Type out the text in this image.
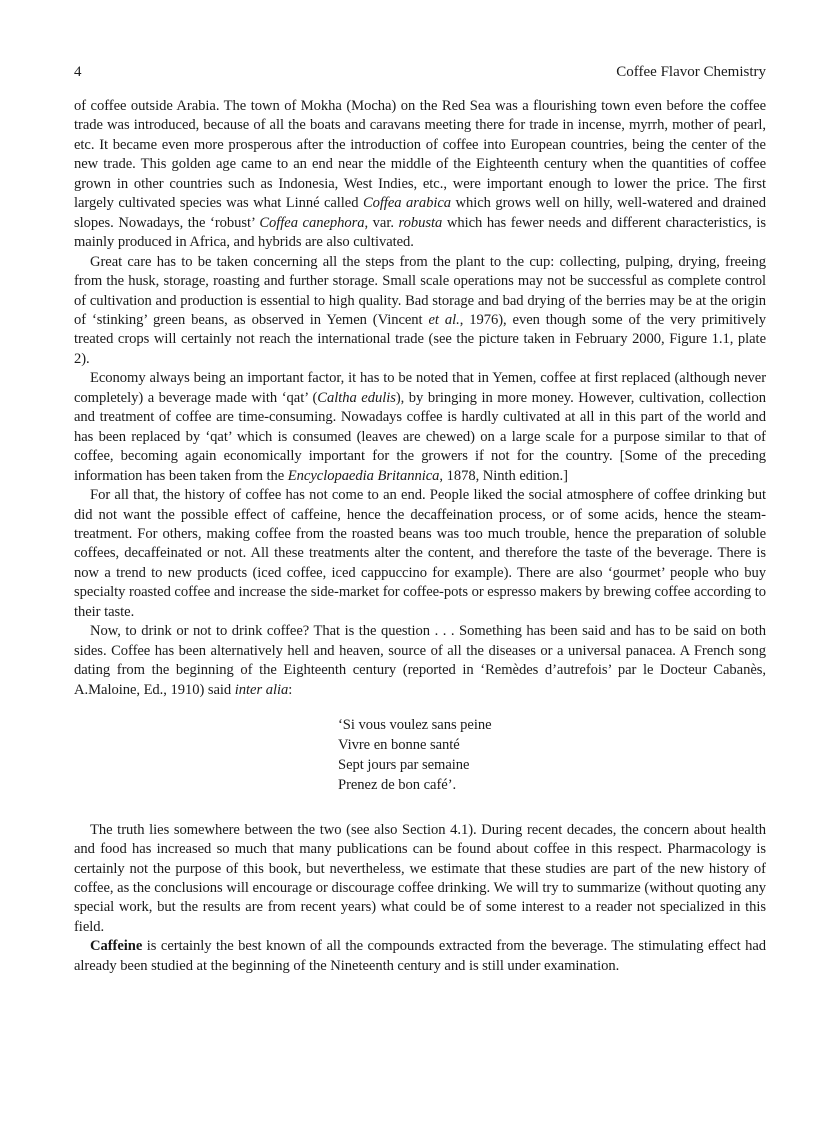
4	Coffee Flavor Chemistry

of coffee outside Arabia. The town of Mokha (Mocha) on the Red Sea was a flourishing town even before the coffee trade was introduced, because of all the boats and caravans meeting there for trade in incense, myrrh, mother of pearl, etc. It became even more prosperous after the introduction of coffee into European countries, being the center of the new trade. This golden age came to an end near the middle of the Eighteenth century when the quantities of coffee grown in other countries such as Indonesia, West Indies, etc., were important enough to lower the price. The first largely cultivated species was what Linné called Coffea arabica which grows well on hilly, well-watered and drained slopes. Nowadays, the ‘robust’ Coffea canephora, var. robusta which has fewer needs and different characteristics, is mainly produced in Africa, and hybrids are also cultivated.

Great care has to be taken concerning all the steps from the plant to the cup: collecting, pulping, drying, freeing from the husk, storage, roasting and further storage. Small scale operations may not be successful as complete control of cultivation and production is essential to high quality. Bad storage and bad drying of the berries may be at the origin of ‘stinking’ green beans, as observed in Yemen (Vincent et al., 1976), even though some of the very primitively treated crops will certainly not reach the international trade (see the picture taken in February 2000, Figure 1.1, plate 2).

Economy always being an important factor, it has to be noted that in Yemen, coffee at first replaced (although never completely) a beverage made with ‘qat’ (Caltha edulis), by bringing in more money. However, cultivation, collection and treatment of coffee are time-consuming. Nowadays coffee is hardly cultivated at all in this part of the world and has been replaced by ‘qat’ which is consumed (leaves are chewed) on a large scale for a purpose similar to that of coffee, becoming again economically important for the growers if not for the country. [Some of the preceding information has been taken from the Encyclopaedia Britannica, 1878, Ninth edition.]

For all that, the history of coffee has not come to an end. People liked the social atmosphere of coffee drinking but did not want the possible effect of caffeine, hence the decaffeination process, or of some acids, hence the steam-treatment. For others, making coffee from the roasted beans was too much trouble, hence the preparation of soluble coffees, decaffeinated or not. All these treatments alter the content, and therefore the taste of the beverage. There is now a trend to new products (iced coffee, iced cappuccino for example). There are also ‘gourmet’ people who buy specialty roasted coffee and increase the side-market for coffee-pots or espresso makers by brewing coffee according to their taste.

Now, to drink or not to drink coffee? That is the question . . . Something has been said and has to be said on both sides. Coffee has been alternatively hell and heaven, source of all the diseases or a universal panacea. A French song dating from the beginning of the Eighteenth century (reported in ‘Remèdes d’autrefois’ par le Docteur Cabanès, A.Maloine, Ed., 1910) said inter alia:

‘Si vous voulez sans peine
Vivre en bonne santé
Sept jours par semaine
Prenez de bon café’.

The truth lies somewhere between the two (see also Section 4.1). During recent decades, the concern about health and food has increased so much that many publications can be found about coffee in this respect. Pharmacology is certainly not the purpose of this book, but nevertheless, we estimate that these studies are part of the new history of coffee, as the conclusions will encourage or discourage coffee drinking. We will try to summarize (without quoting any special work, but the results are from recent years) what could be of some interest to a reader not specialized in this field.

Caffeine is certainly the best known of all the compounds extracted from the beverage. The stimulating effect had already been studied at the beginning of the Nineteenth century and is still under examination.
